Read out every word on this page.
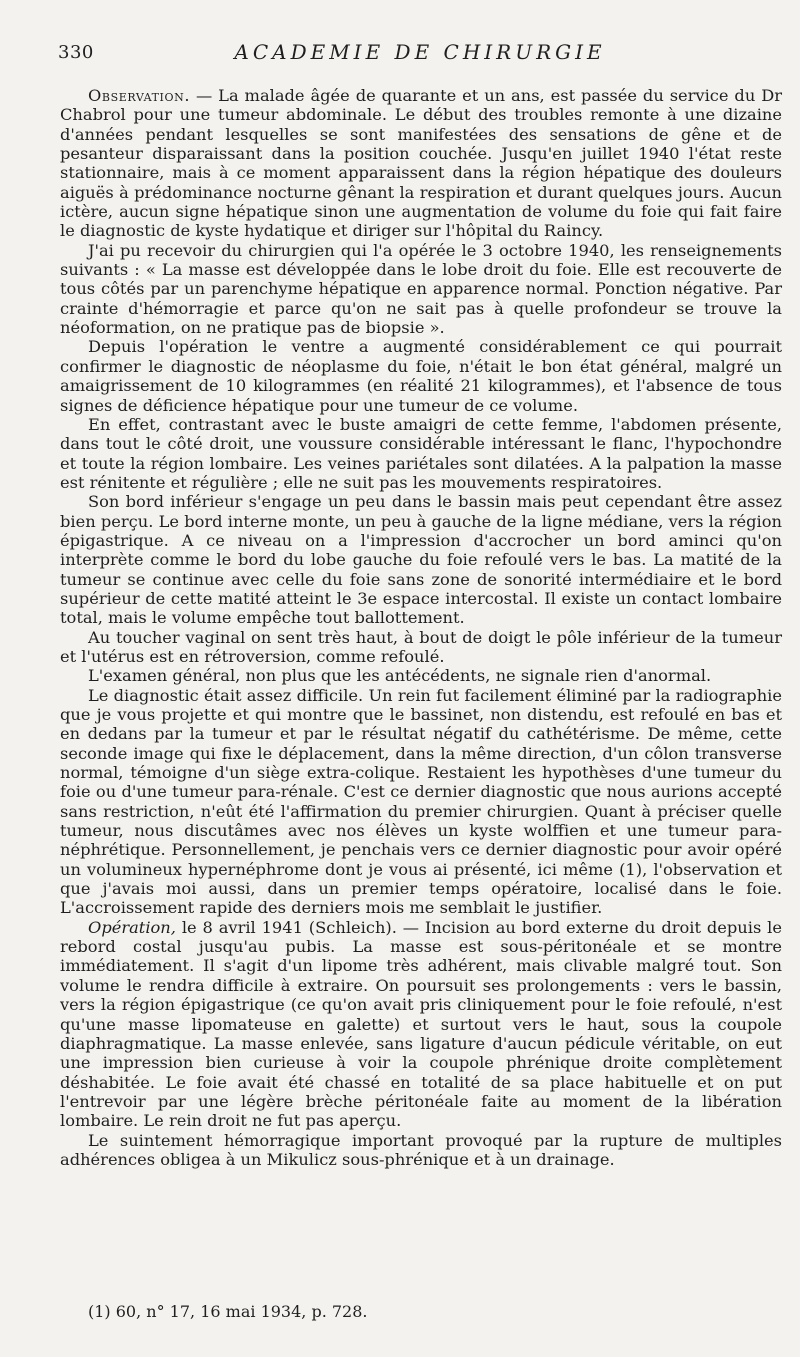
330	ACADEMIE DE CHIRURGIE

Observation. — La malade âgée de quarante et un ans, est passée du service du Dr Chabrol pour une tumeur abdominale. Le début des troubles remonte à une dizaine d'années pendant lesquelles se sont manifestées des sensations de gêne et de pesanteur disparaissant dans la position couchée. Jusqu'en juillet 1940 l'état reste stationnaire, mais à ce moment apparaissent dans la région hépatique des douleurs aiguës à prédominance nocturne gênant la respiration et durant quelques jours. Aucun ictère, aucun signe hépatique sinon une augmentation de volume du foie qui fait faire le diagnostic de kyste hydatique et diriger sur l'hôpital du Raincy.

J'ai pu recevoir du chirurgien qui l'a opérée le 3 octobre 1940, les renseignements suivants : « La masse est développée dans le lobe droit du foie. Elle est recouverte de tous côtés par un parenchyme hépatique en apparence normal. Ponction négative. Par crainte d'hémorragie et parce qu'on ne sait pas à quelle profondeur se trouve la néoformation, on ne pratique pas de biopsie ».

Depuis l'opération le ventre a augmenté considérablement ce qui pourrait confirmer le diagnostic de néoplasme du foie, n'était le bon état général, malgré un amaigrissement de 10 kilogrammes (en réalité 21 kilogrammes), et l'absence de tous signes de déficience hépatique pour une tumeur de ce volume.

En effet, contrastant avec le buste amaigri de cette femme, l'abdomen présente, dans tout le côté droit, une voussure considérable intéressant le flanc, l'hypochondre et toute la région lombaire. Les veines pariétales sont dilatées. A la palpation la masse est rénitente et régulière ; elle ne suit pas les mouvements respiratoires.

Son bord inférieur s'engage un peu dans le bassin mais peut cependant être assez bien perçu. Le bord interne monte, un peu à gauche de la ligne médiane, vers la région épigastrique. A ce niveau on a l'impression d'accrocher un bord aminci qu'on interprète comme le bord du lobe gauche du foie refoulé vers le bas. La matité de la tumeur se continue avec celle du foie sans zone de sonorité intermédiaire et le bord supérieur de cette matité atteint le 3e espace intercostal. Il existe un contact lombaire total, mais le volume empêche tout ballottement.

Au toucher vaginal on sent très haut, à bout de doigt le pôle inférieur de la tumeur et l'utérus est en rétroversion, comme refoulé.

L'examen général, non plus que les antécédents, ne signale rien d'anormal.

Le diagnostic était assez difficile. Un rein fut facilement éliminé par la radiographie que je vous projette et qui montre que le bassinet, non distendu, est refoulé en bas et en dedans par la tumeur et par le résultat négatif du cathétérisme. De même, cette seconde image qui fixe le déplacement, dans la même direction, d'un côlon transverse normal, témoigne d'un siège extra-colique. Restaient les hypothèses d'une tumeur du foie ou d'une tumeur para-rénale. C'est ce dernier diagnostic que nous aurions accepté sans restriction, n'eût été l'affirmation du premier chirurgien. Quant à préciser quelle tumeur, nous discutâmes avec nos élèves un kyste wolffien et une tumeur para-néphrétique. Personnellement, je penchais vers ce dernier diagnostic pour avoir opéré un volumineux hypernéphrome dont je vous ai présenté, ici même (1), l'observation et que j'avais moi aussi, dans un premier temps opératoire, localisé dans le foie. L'accroissement rapide des derniers mois me semblait le justifier.

Opération, le 8 avril 1941 (Schleich). — Incision au bord externe du droit depuis le rebord costal jusqu'au pubis. La masse est sous-péritonéale et se montre immédiatement. Il s'agit d'un lipome très adhérent, mais clivable malgré tout. Son volume le rendra difficile à extraire. On poursuit ses prolongements : vers le bassin, vers la région épigastrique (ce qu'on avait pris cliniquement pour le foie refoulé, n'est qu'une masse lipomateuse en galette) et surtout vers le haut, sous la coupole diaphragmatique. La masse enlevée, sans ligature d'aucun pédicule véritable, on eut une impression bien curieuse à voir la coupole phrénique droite complètement déshabitée. Le foie avait été chassé en totalité de sa place habituelle et on put l'entrevoir par une légère brèche péritonéale faite au moment de la libération lombaire. Le rein droit ne fut pas aperçu.

Le suintement hémorragique important provoqué par la rupture de multiples adhérences obligea à un Mikulicz sous-phrénique et à un drainage.

(1) 60, n° 17, 16 mai 1934, p. 728.
